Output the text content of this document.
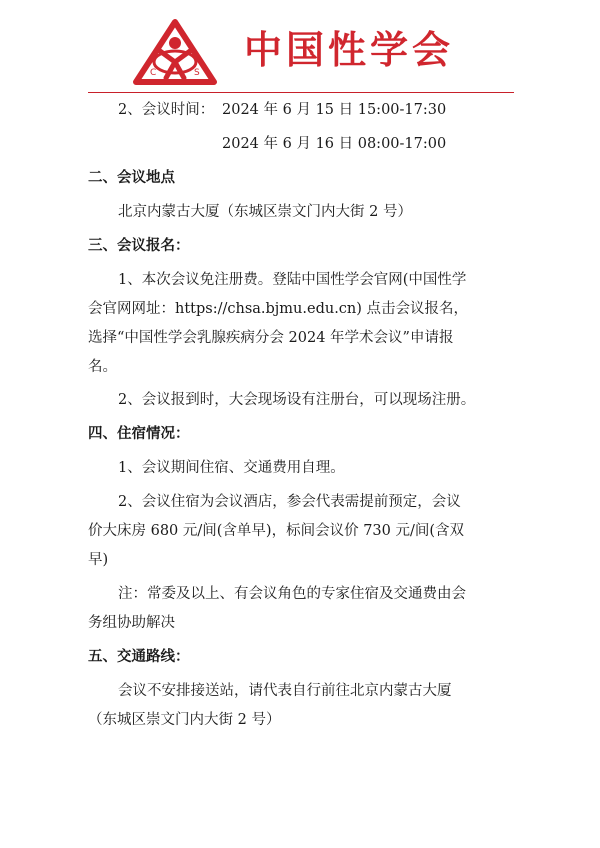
C	S
中国性学会
2、会议时间： 2024 年 6 月 15 日 15:00-17:30
2024 年 6 月 16 日 08:00-17:00
二、会议地点
北京内蒙古大厦（东城区崇文门内大街 2 号）
三、会议报名：
1、本次会议免注册费。登陆中国性学会官网(中国性学
会官网网址：https://chsa.bjmu.edu.cn) 点击会议报名，
选择“中国性学会乳腺疾病分会 2024 年学术会议”申请报
名。
2、会议报到时，大会现场设有注册台，可以现场注册。
四、住宿情况：
1、会议期间住宿、交通费用自理。
2、会议住宿为会议酒店，参会代表需提前预定，会议
价大床房 680 元/间(含单早)，标间会议价 730 元/间(含双
早)
注：常委及以上、有会议角色的专家住宿及交通费由会
务组协助解决
五、交通路线：
会议不安排接送站，请代表自行前往北京内蒙古大厦
（东城区崇文门内大街 2 号）
